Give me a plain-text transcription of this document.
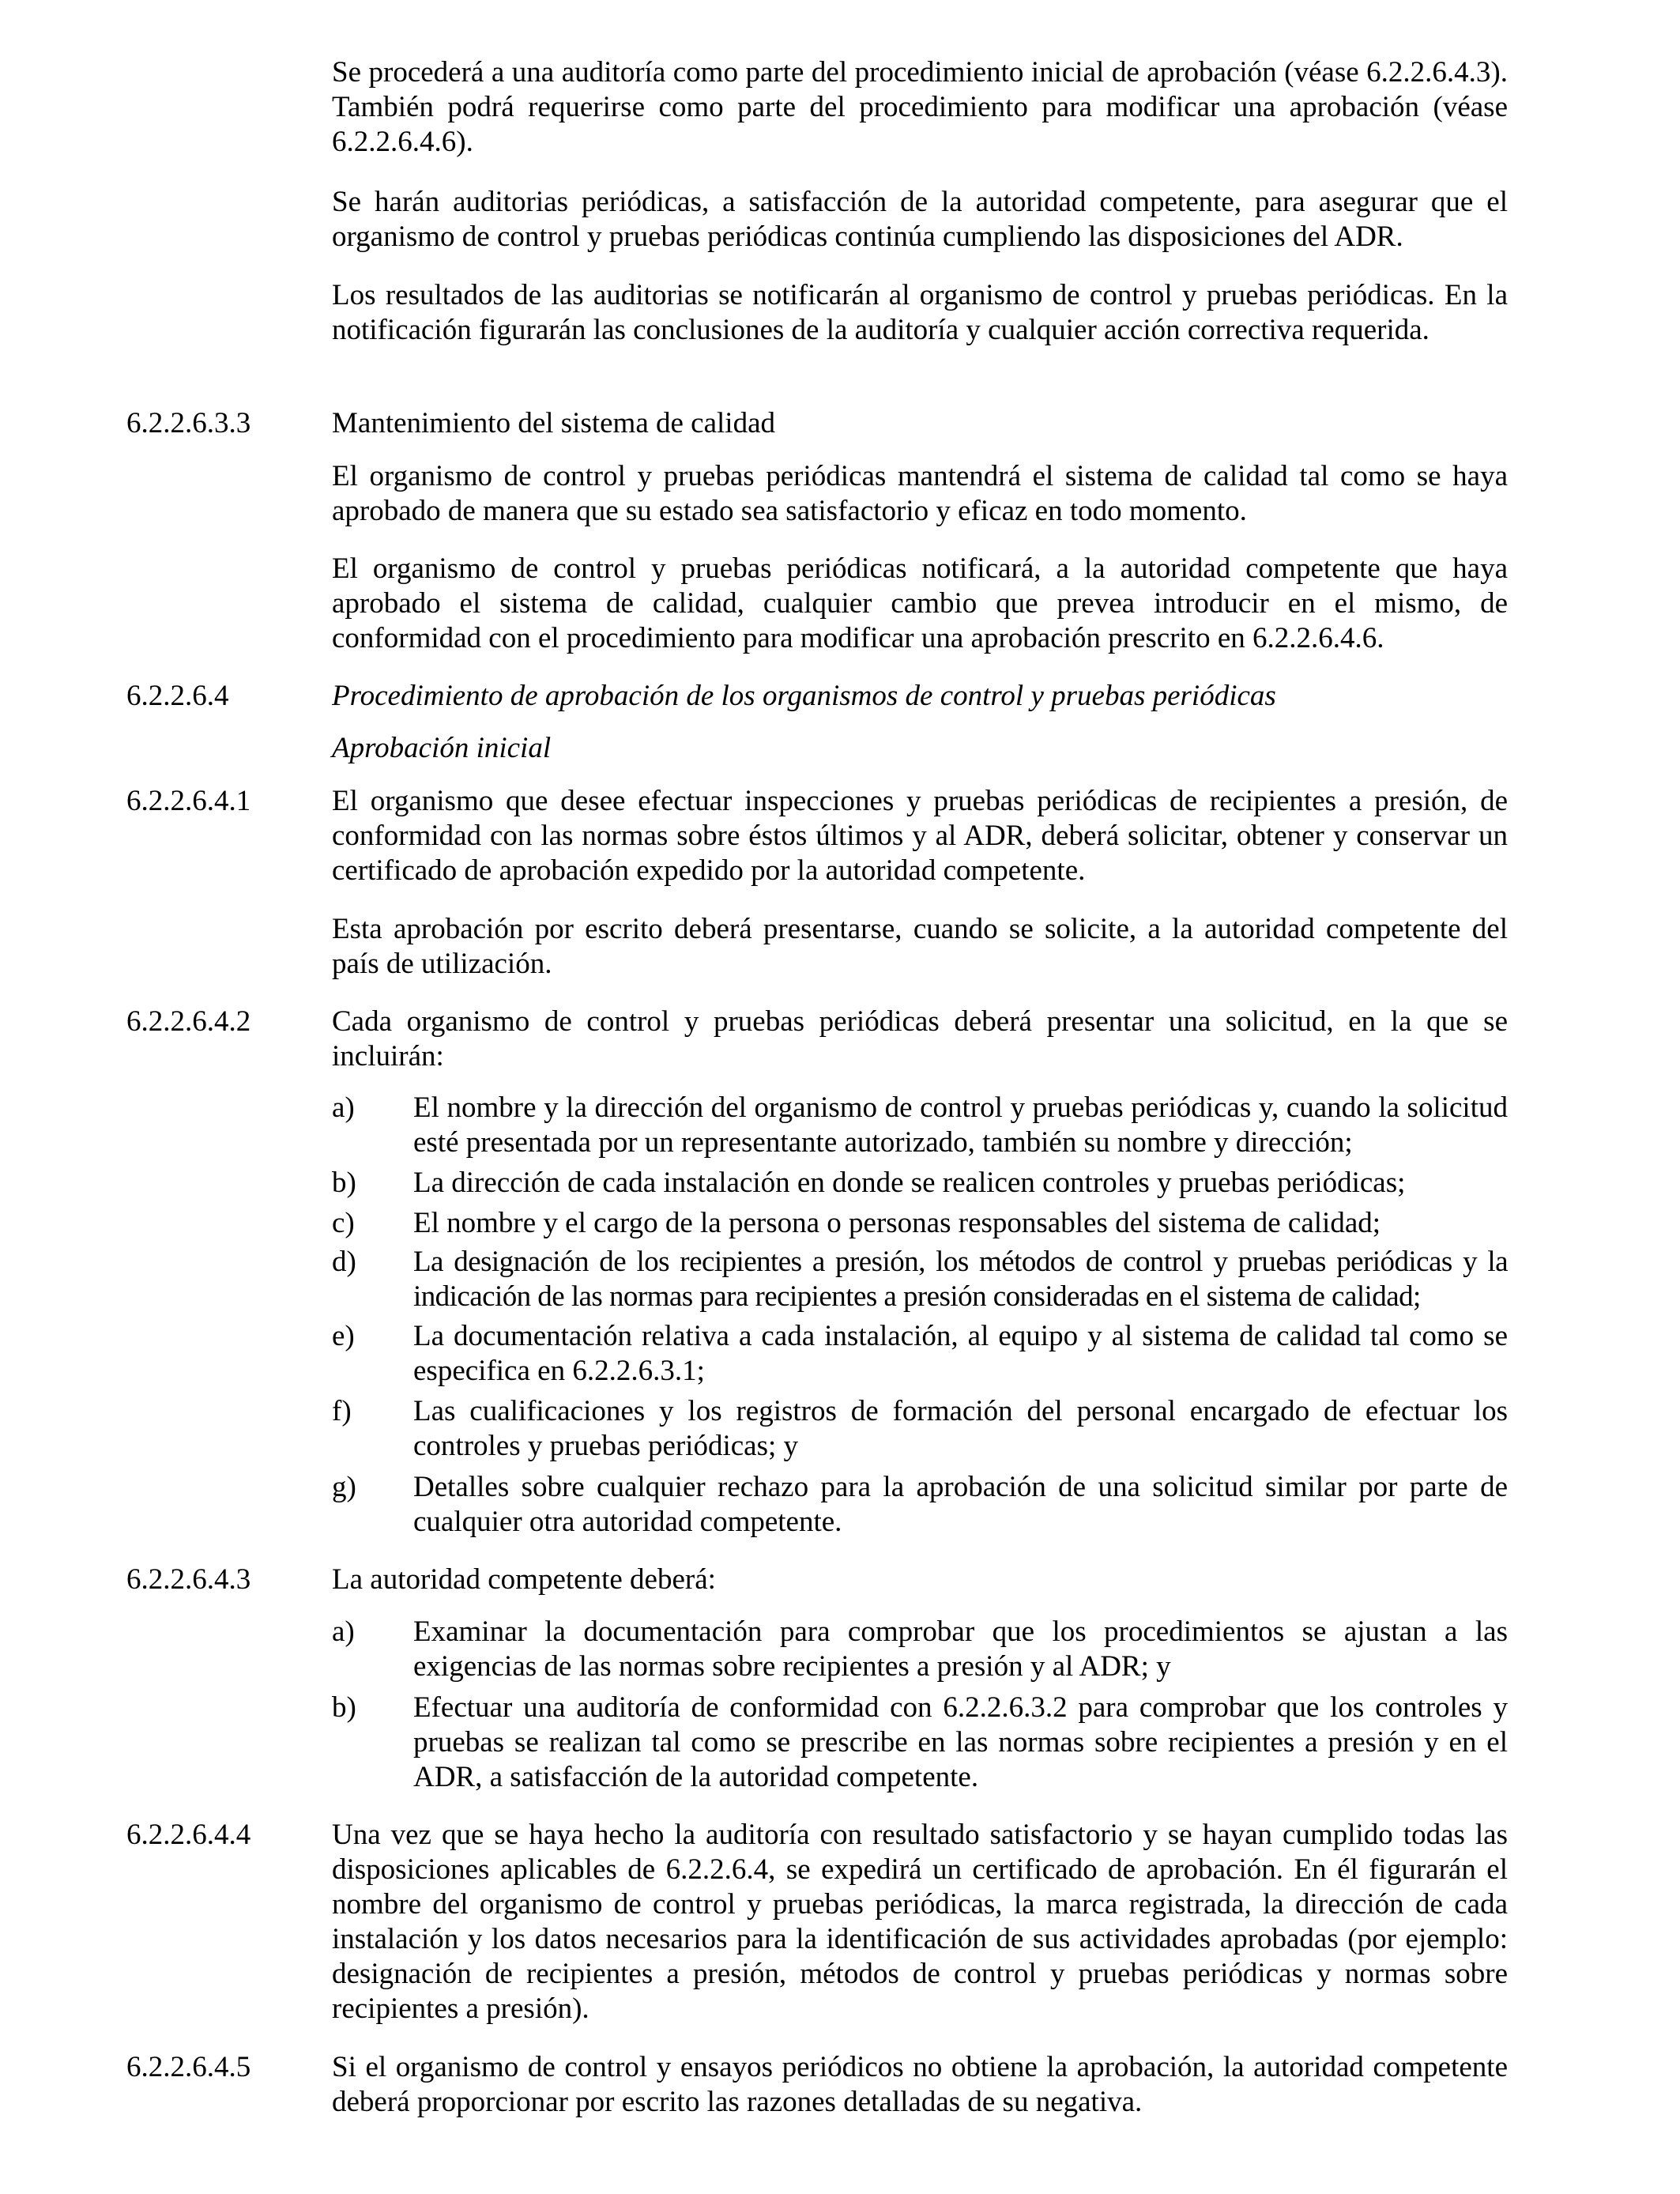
Se procederá a una auditoría como parte del procedimiento inicial de aprobación (véase 6.2.2.6.4.3). También podrá requerirse como parte del procedimiento para modificar una aprobación (véase 6.2.2.6.4.6).
Se harán auditorias periódicas, a satisfacción de la autoridad competente, para asegurar que el organismo de control y pruebas periódicas continúa cumpliendo las disposiciones del ADR.
Los resultados de las auditorias se notificarán al organismo de control y pruebas periódicas. En la notificación figurarán las conclusiones de la auditoría y cualquier acción correctiva requerida.
6.2.2.6.3.3	Mantenimiento del sistema de calidad
El organismo de control y pruebas periódicas mantendrá el sistema de calidad tal como se haya aprobado de manera que su estado sea satisfactorio y eficaz en todo momento.
El organismo de control y pruebas periódicas notificará, a la autoridad competente que haya aprobado el sistema de calidad, cualquier cambio que prevea introducir en el mismo, de conformidad con el procedimiento para modificar una aprobación prescrito en 6.2.2.6.4.6.
6.2.2.6.4	Procedimiento de aprobación de los organismos de control y pruebas periódicas
Aprobación inicial
6.2.2.6.4.1	El organismo que desee efectuar inspecciones y pruebas periódicas de recipientes a presión, de conformidad con las normas sobre éstos últimos y al ADR, deberá solicitar, obtener y conservar un certificado de aprobación expedido por la autoridad competente.
Esta aprobación por escrito deberá presentarse, cuando se solicite, a la autoridad competente del país de utilización.
6.2.2.6.4.2	Cada organismo de control y pruebas periódicas deberá presentar una solicitud, en la que se incluirán:
a) El nombre y la dirección del organismo de control y pruebas periódicas y, cuando la solicitud esté presentada por un representante autorizado, también su nombre y dirección;
b) La dirección de cada instalación en donde se realicen controles y pruebas periódicas;
c) El nombre y el cargo de la persona o personas responsables del sistema de calidad;
d) La designación de los recipientes a presión, los métodos de control y pruebas periódicas y la indicación de las normas para recipientes a presión consideradas en el sistema de calidad;
e) La documentación relativa a cada instalación, al equipo y al sistema de calidad tal como se especifica en 6.2.2.6.3.1;
f) Las cualificaciones y los registros de formación del personal encargado de efectuar los controles y pruebas periódicas; y
g) Detalles sobre cualquier rechazo para la aprobación de una solicitud similar por parte de cualquier otra autoridad competente.
6.2.2.6.4.3	La autoridad competente deberá:
a) Examinar la documentación para comprobar que los procedimientos se ajustan a las exigencias de las normas sobre recipientes a presión y al ADR; y
b) Efectuar una auditoría de conformidad con 6.2.2.6.3.2 para comprobar que los controles y pruebas se realizan tal como se prescribe en las normas sobre recipientes a presión y en el ADR, a satisfacción de la autoridad competente.
6.2.2.6.4.4	Una vez que se haya hecho la auditoría con resultado satisfactorio y se hayan cumplido todas las disposiciones aplicables de 6.2.2.6.4, se expedirá un certificado de aprobación. En él figurarán el nombre del organismo de control y pruebas periódicas, la marca registrada, la dirección de cada instalación y los datos necesarios para la identificación de sus actividades aprobadas (por ejemplo: designación de recipientes a presión, métodos de control y pruebas periódicas y normas sobre recipientes a presión).
6.2.2.6.4.5	Si el organismo de control y ensayos periódicos no obtiene la aprobación, la autoridad competente deberá proporcionar por escrito las razones detalladas de su negativa.
